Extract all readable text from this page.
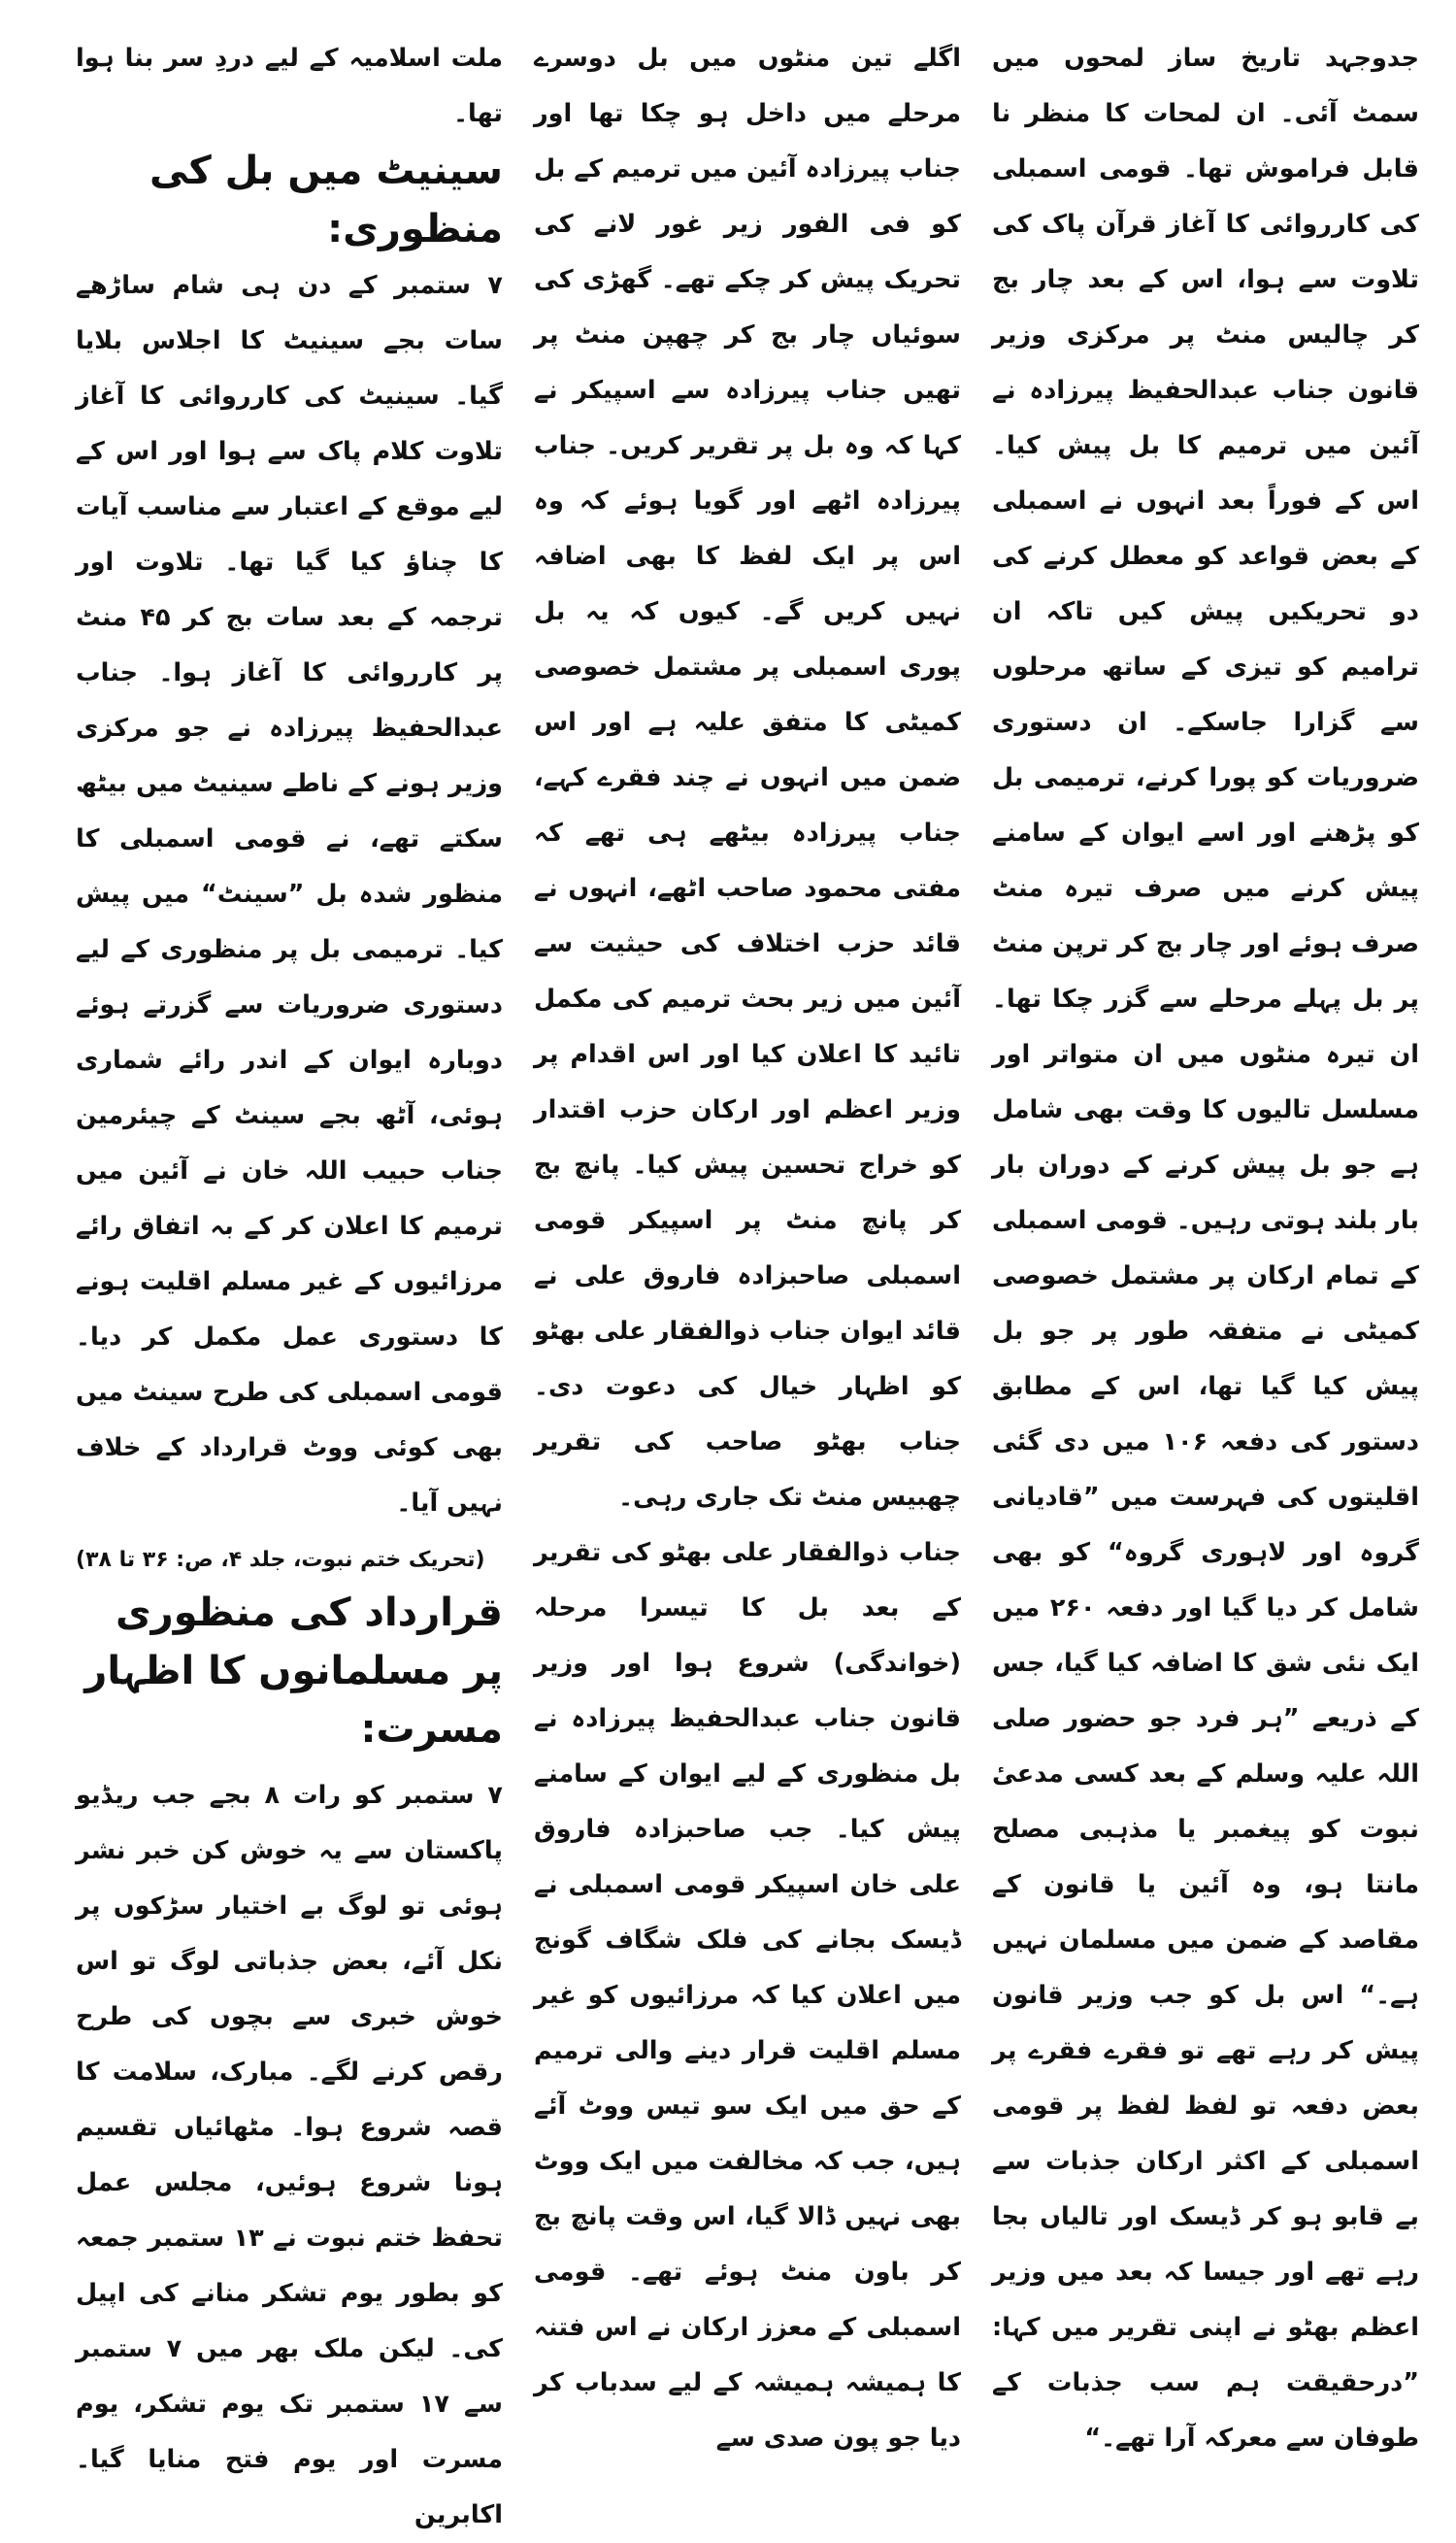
جدوجہد تاریخ ساز لمحوں میں سمٹ آئی۔ ان لمحات کا منظر نا قابل فراموش تھا۔ قومی اسمبلی کی کارروائی کا آغاز قرآن پاک کی تلاوت سے ہوا، اس کے بعد چار بج کر چالیس منٹ پر مرکزی وزیر قانون جناب عبدالحفیظ پیرزادہ نے آئین میں ترمیم کا بل پیش کیا۔ اس کے فوراً بعد انہوں نے اسمبلی کے بعض قواعد کو معطل کرنے کی دو تحریکیں پیش کیں تاکہ ان ترامیم کو تیزی کے ساتھ مرحلوں سے گزارا جاسکے۔ ان دستوری ضروریات کو پورا کرنے، ترمیمی بل کو پڑھنے اور اسے ایوان کے سامنے پیش کرنے میں صرف تیرہ منٹ صرف ہوئے اور چار بج کر ترپن منٹ پر بل پہلے مرحلے سے گزر چکا تھا۔ ان تیرہ منٹوں میں ان متواتر اور مسلسل تالیوں کا وقت بھی شامل ہے جو بل پیش کرنے کے دوران بار بار بلند ہوتی رہیں۔ قومی اسمبلی کے تمام ارکان پر مشتمل خصوصی کمیٹی نے متفقہ طور پر جو بل پیش کیا گیا تھا، اس کے مطابق دستور کی دفعہ ۱۰۶ میں دی گئی اقلیتوں کی فہرست میں ”قادیانی گروہ اور لاہوری گروہ“ کو بھی شامل کر دیا گیا اور دفعہ ۲۶۰ میں ایک نئی شق کا اضافہ کیا گیا، جس کے ذریعے ”ہر فرد جو حضور صلی اللہ علیہ وسلم کے بعد کسی مدعیٔ نبوت کو پیغمبر یا مذہبی مصلح مانتا ہو، وہ آئین یا قانون کے مقاصد کے ضمن میں مسلمان نہیں ہے۔“ اس بل کو جب وزیر قانون پیش کر رہے تھے تو فقرے فقرے پر بعض دفعہ تو لفظ لفظ پر قومی اسمبلی کے اکثر ارکان جذبات سے بے قابو ہو کر ڈیسک اور تالیاں بجا رہے تھے اور جیسا کہ بعد میں وزیر اعظم بھٹو نے اپنی تقریر میں کہا: ”درحقیقت ہم سب جذبات کے طوفان سے معرکہ آرا تھے۔“

اگلے تین منٹوں میں بل دوسرے مرحلے میں داخل ہو چکا تھا اور جناب پیرزادہ آئین میں ترمیم کے بل کو فی الفور زیر غور لانے کی تحریک پیش کر چکے تھے۔ گھڑی کی سوئیاں چار بج کر چھپن منٹ پر تھیں جناب پیرزادہ سے اسپیکر نے کہا کہ وہ بل پر تقریر کریں۔ جناب پیرزادہ اٹھے اور گویا ہوئے کہ وہ اس پر ایک لفظ کا بھی اضافہ نہیں کریں گے۔ کیوں کہ یہ بل پوری اسمبلی پر مشتمل خصوصی کمیٹی کا متفق علیہ ہے اور اس ضمن میں انہوں نے چند فقرے کہے، جناب پیرزادہ بیٹھے ہی تھے کہ مفتی محمود صاحب اٹھے، انہوں نے قائد حزب اختلاف کی حیثیت سے آئین میں زیر بحث ترمیم کی مکمل تائید کا اعلان کیا اور اس اقدام پر وزیر اعظم اور ارکان حزب اقتدار کو خراج تحسین پیش کیا۔ پانچ بج کر پانچ منٹ پر اسپیکر قومی اسمبلی صاحبزادہ فاروق علی نے قائد ایوان جناب ذوالفقار علی بھٹو کو اظہار خیال کی دعوت دی۔ جناب بھٹو صاحب کی تقریر چھبیس منٹ تک جاری رہی۔

جناب ذوالفقار علی بھٹو کی تقریر کے بعد بل کا تیسرا مرحلہ (خواندگی) شروع ہوا اور وزیر قانون جناب عبدالحفیظ پیرزادہ نے بل منظوری کے لیے ایوان کے سامنے پیش کیا۔ جب صاحبزادہ فاروق علی خان اسپیکر قومی اسمبلی نے ڈیسک بجانے کی فلک شگاف گونج میں اعلان کیا کہ مرزائیوں کو غیر مسلم اقلیت قرار دینے والی ترمیم کے حق میں ایک سو تیس ووٹ آئے ہیں، جب کہ مخالفت میں ایک ووٹ بھی نہیں ڈالا گیا، اس وقت پانچ بج کر باون منٹ ہوئے تھے۔ قومی اسمبلی کے معزز ارکان نے اس فتنہ کا ہمیشہ ہمیشہ کے لیے سدباب کر دیا جو پون صدی سے

ملت اسلامیہ کے لیے دردِ سر بنا ہوا تھا۔

سینیٹ میں بل کی منظوری:

۷ ستمبر کے دن ہی شام ساڑھے سات بجے سینیٹ کا اجلاس بلایا گیا۔ سینیٹ کی کارروائی کا آغاز تلاوت کلام پاک سے ہوا اور اس کے لیے موقع کے اعتبار سے مناسب آیات کا چناؤ کیا گیا تھا۔ تلاوت اور ترجمہ کے بعد سات بج کر ۴۵ منٹ پر کارروائی کا آغاز ہوا۔ جناب عبدالحفیظ پیرزادہ نے جو مرکزی وزیر ہونے کے ناطے سینیٹ میں بیٹھ سکتے تھے، نے قومی اسمبلی کا منظور شدہ بل ”سینٹ“ میں پیش کیا۔ ترمیمی بل پر منظوری کے لیے دستوری ضروریات سے گزرتے ہوئے دوبارہ ایوان کے اندر رائے شماری ہوئی، آٹھ بجے سینٹ کے چیئرمین جناب حبیب اللہ خان نے آئین میں ترمیم کا اعلان کر کے بہ اتفاق رائے مرزائیوں کے غیر مسلم اقلیت ہونے کا دستوری عمل مکمل کر دیا۔ قومی اسمبلی کی طرح سینٹ میں بھی کوئی ووٹ قرارداد کے خلاف نہیں آیا۔

(تحریک ختم نبوت، جلد ۴، ص: ۳۶ تا ۳۸)
قرارداد کی منظوری پر مسلمانوں کا اظہار مسرت:

۷ ستمبر کو رات ۸ بجے جب ریڈیو پاکستان سے یہ خوش کن خبر نشر ہوئی تو لوگ بے اختیار سڑکوں پر نکل آئے، بعض جذباتی لوگ تو اس خوش خبری سے بچوں کی طرح رقص کرنے لگے۔ مبارک، سلامت کا قصہ شروع ہوا۔ مٹھائیاں تقسیم ہونا شروع ہوئیں، مجلس عمل تحفظ ختم نبوت نے ۱۳ ستمبر جمعہ کو بطور یوم تشکر منانے کی اپیل کی۔ لیکن ملک بھر میں ۷ ستمبر سے ۱۷ ستمبر تک یوم تشکر، یوم مسرت اور یوم فتح منایا گیا۔ اکابرین
